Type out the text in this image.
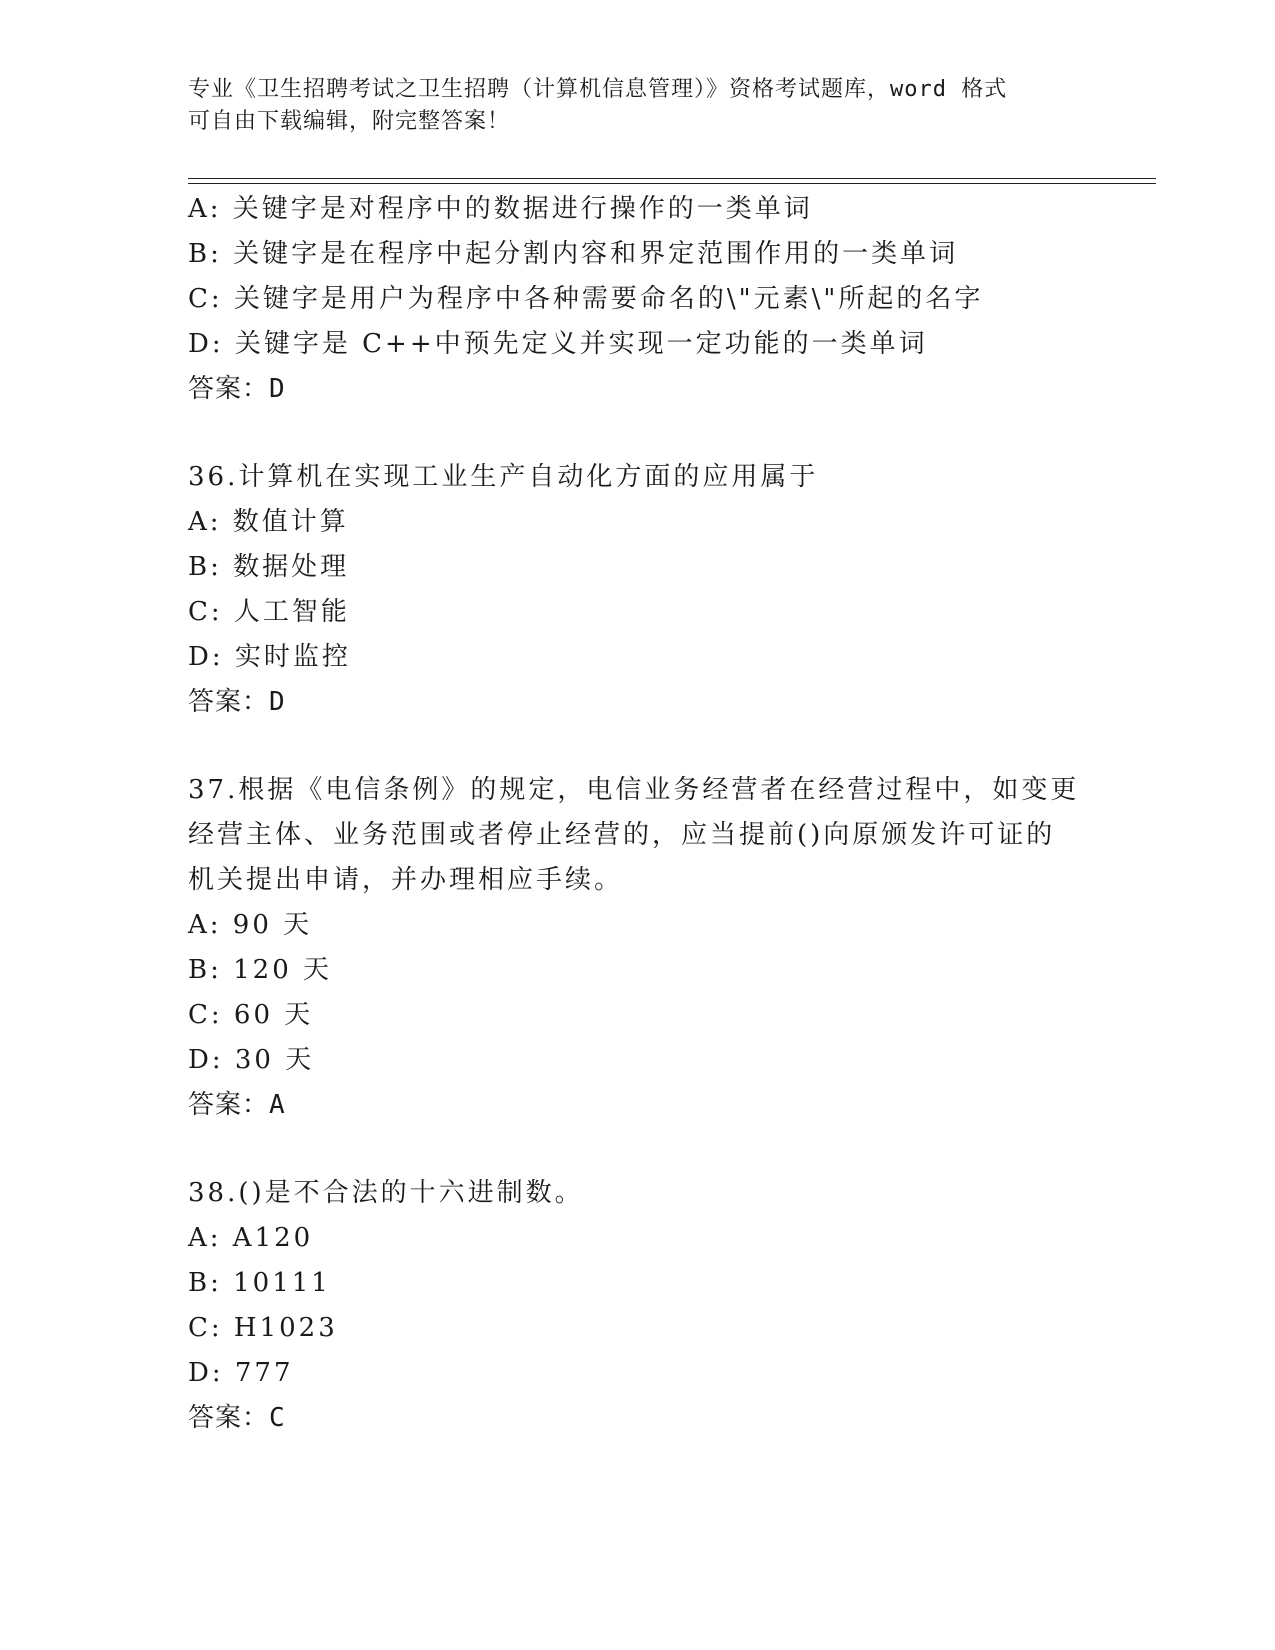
专业《卫生招聘考试之卫生招聘（计算机信息管理）》资格考试题库，word 格式
可自由下载编辑，附完整答案！
A: 关键字是对程序中的数据进行操作的一类单词
B: 关键字是在程序中起分割内容和界定范围作用的一类单词
C: 关键字是用户为程序中各种需要命名的\"元素\"所起的名字
D: 关键字是 C++中预先定义并实现一定功能的一类单词
答案：D
36.计算机在实现工业生产自动化方面的应用属于
A: 数值计算
B: 数据处理
C: 人工智能
D: 实时监控
答案：D
37.根据《电信条例》的规定，电信业务经营者在经营过程中，如变更
经营主体、业务范围或者停止经营的，应当提前()向原颁发许可证的
机关提出申请，并办理相应手续。
A: 90 天
B: 120 天
C: 60 天
D: 30 天
答案：A
38.()是不合法的十六进制数。
A: A120
B: 10111
C: H1023
D: 777
答案：C
